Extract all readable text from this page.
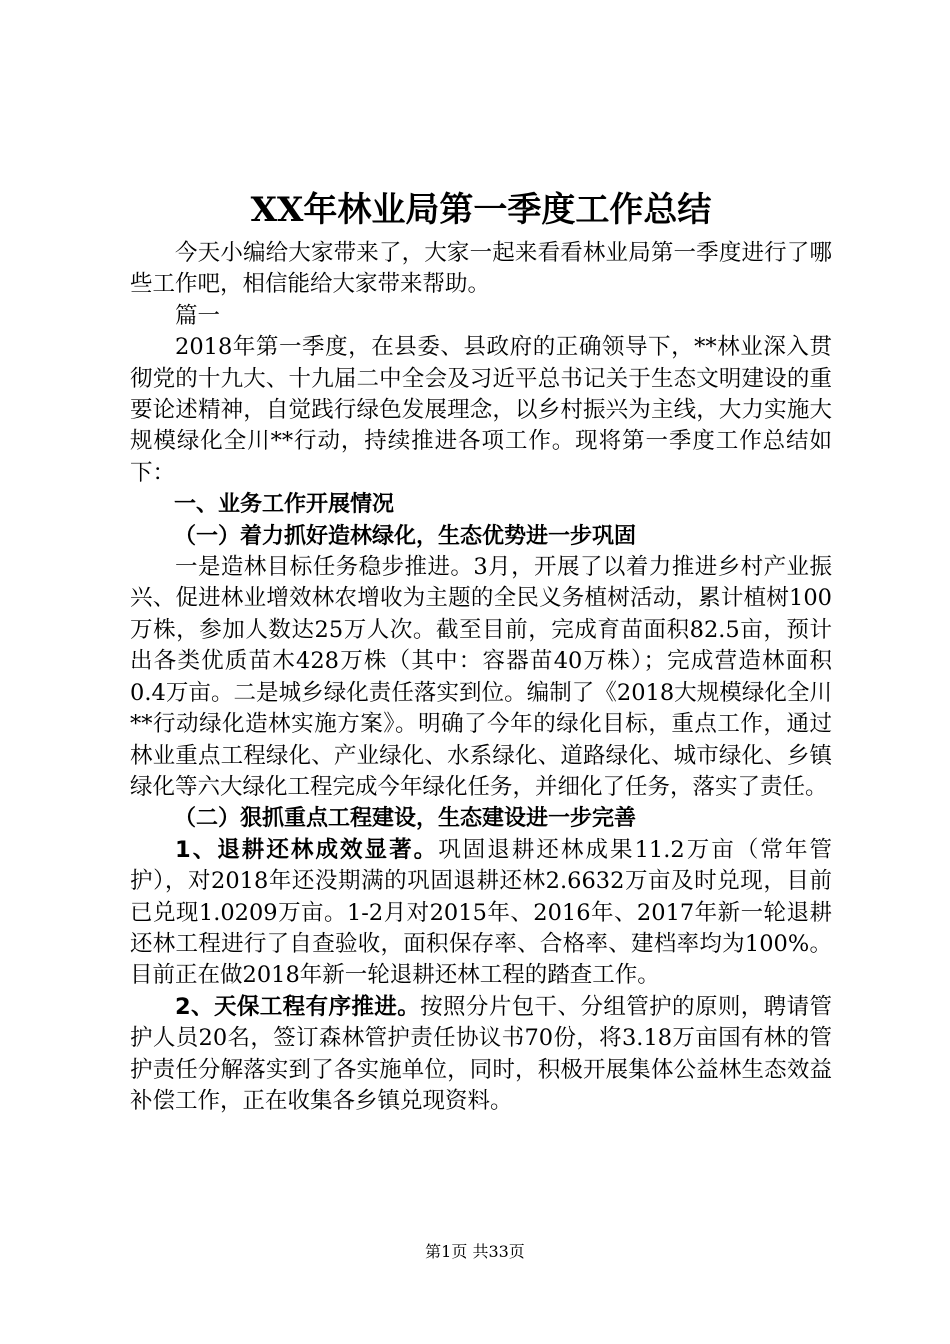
XX年林业局第一季度工作总结

今天小编给大家带来了，大家一起来看看林业局第一季度进行了哪些工作吧，相信能给大家带来帮助。

篇一

2018年第一季度，在县委、县政府的正确领导下，**林业深入贯彻党的十九大、十九届二中全会及习近平总书记关于生态文明建设的重要论述精神，自觉践行绿色发展理念，以乡村振兴为主线，大力实施大规模绿化全川**行动，持续推进各项工作。现将第一季度工作总结如下：

一、业务工作开展情况

（一）着力抓好造林绿化，生态优势进一步巩固

一是造林目标任务稳步推进。3月，开展了以着力推进乡村产业振兴、促进林业增效林农增收为主题的全民义务植树活动，累计植树100万株，参加人数达25万人次。截至目前，完成育苗面积82.5亩，预计出各类优质苗木428万株（其中：容器苗40万株）；完成营造林面积0.4万亩。二是城乡绿化责任落实到位。编制了《2018大规模绿化全川**行动绿化造林实施方案》。明确了今年的绿化目标，重点工作，通过林业重点工程绿化、产业绿化、水系绿化、道路绿化、城市绿化、乡镇绿化等六大绿化工程完成今年绿化任务，并细化了任务，落实了责任。

（二）狠抓重点工程建设，生态建设进一步完善

1、退耕还林成效显著。巩固退耕还林成果11.2万亩（常年管护），对2018年还没期满的巩固退耕还林2.6632万亩及时兑现，目前已兑现1.0209万亩。1-2月对2015年、2016年、2017年新一轮退耕还林工程进行了自查验收，面积保存率、合格率、建档率均为100%。目前正在做2018年新一轮退耕还林工程的踏查工作。

2、天保工程有序推进。按照分片包干、分组管护的原则，聘请管护人员20名，签订森林管护责任协议书70份，将3.18万亩国有林的管护责任分解落实到了各实施单位，同时，积极开展集体公益林生态效益补偿工作，正在收集各乡镇兑现资料。

第1页 共33页
